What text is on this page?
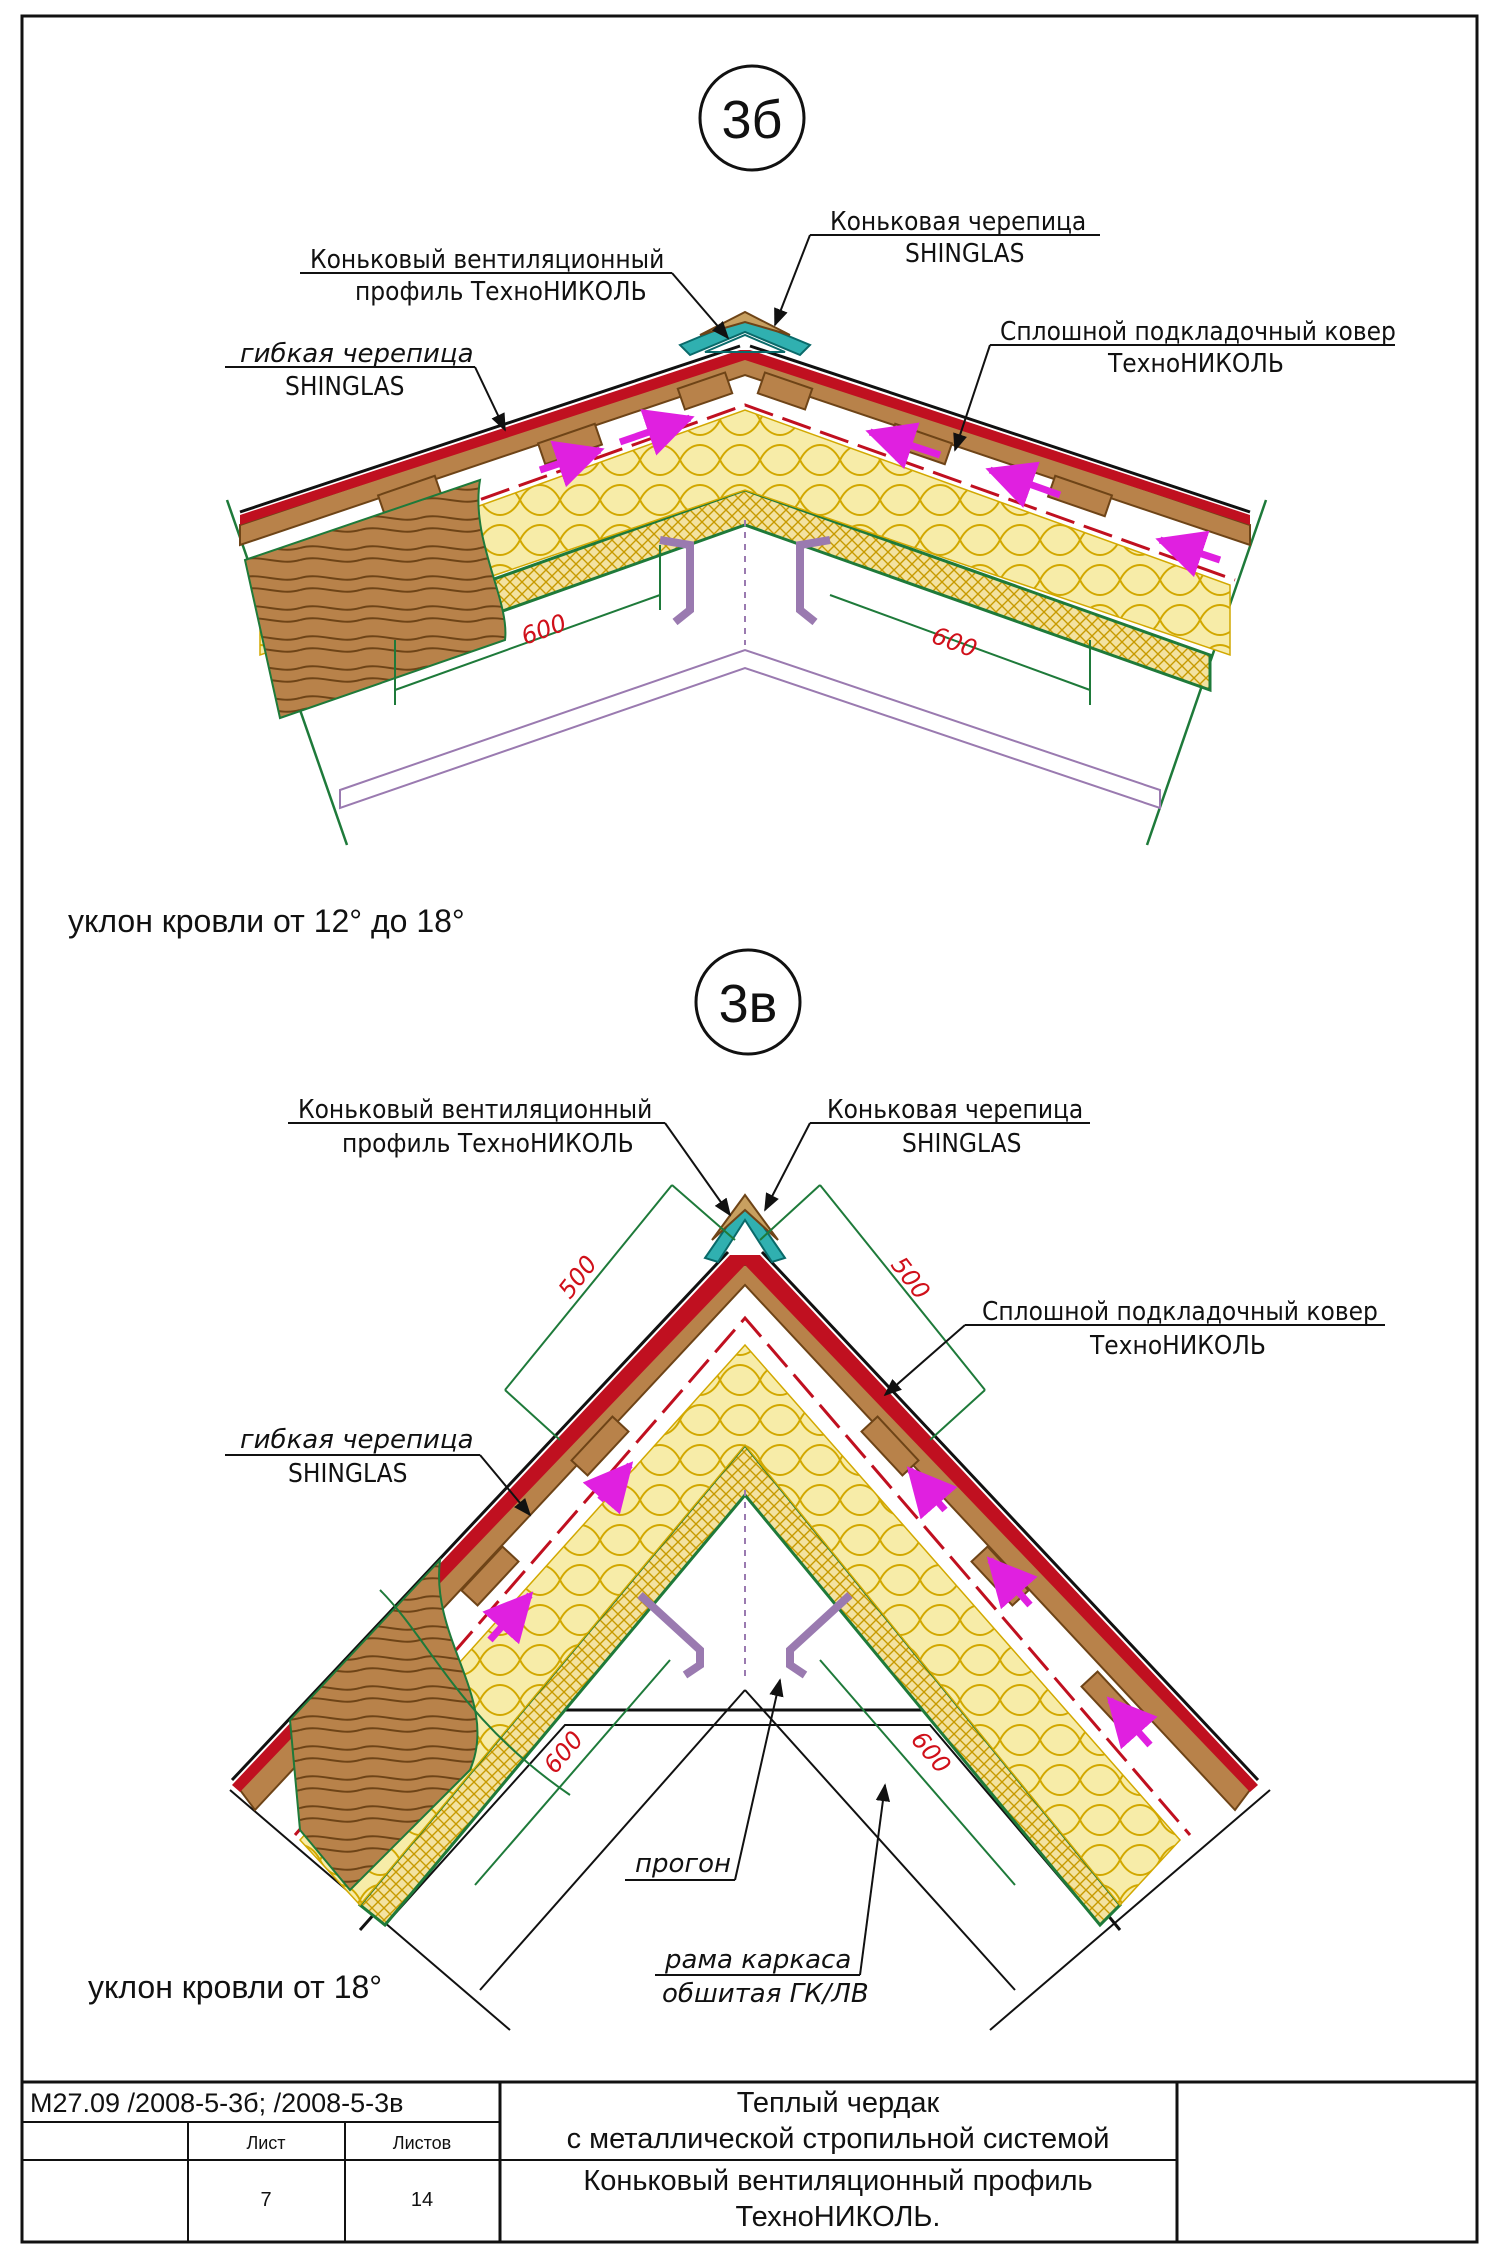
3б
600	600
Коньковый вентиляционный
профиль ТехноНИКОЛЬ
Коньковая черепица
SHINGLAS
гибкая черепица
SHINGLAS
Сплошной подкладочный ковер
ТехноНИКОЛЬ
уклон кровли от 12° до 18°
3в
500	500
600	600
Коньковый вентиляционный
профиль ТехноНИКОЛЬ
Коньковая черепица
SHINGLAS
Сплошной подкладочный ковер
ТехноНИКОЛЬ
гибкая черепица
SHINGLAS
прогон
рама каркаса
обшитая ГК/ЛВ
уклон кровли от 18°
М27.09 /2008-5-3б; /2008-5-3в
Лист	Листов
7	14
Теплый чердак
с металлической стропильной системой
Коньковый вентиляционный профиль
ТехноНИКОЛЬ.
